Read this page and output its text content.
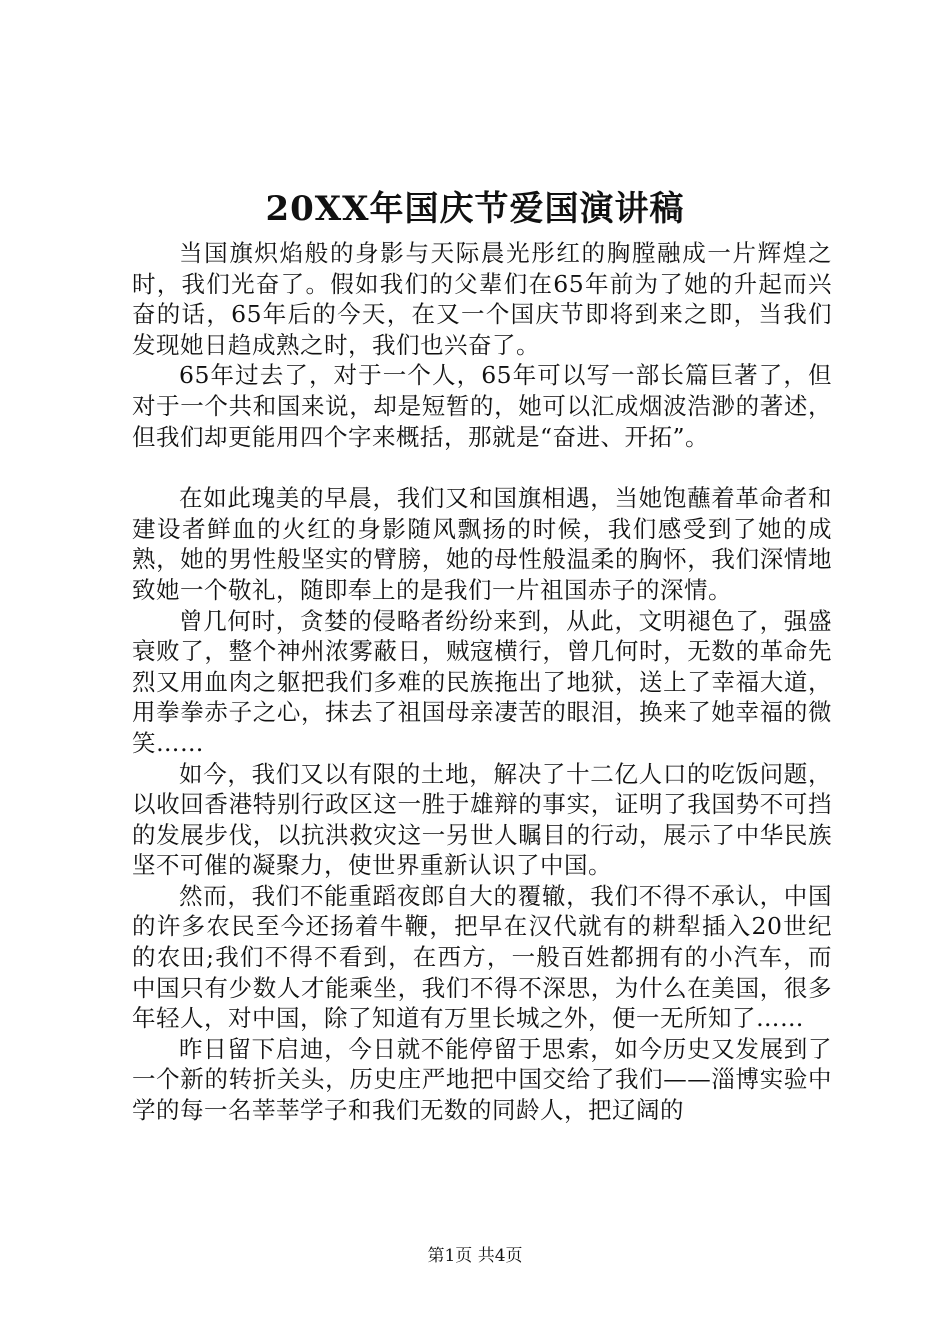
20XX年国庆节爱国演讲稿

当国旗炽焰般的身影与天际晨光彤红的胸膛融成一片辉煌之时，我们光奋了。假如我们的父辈们在65年前为了她的升起而兴奋的话，65年后的今天，在又一个国庆节即将到来之即，当我们发现她日趋成熟之时，我们也兴奋了。

65年过去了，对于一个人，65年可以写一部长篇巨著了，但对于一个共和国来说，却是短暂的，她可以汇成烟波浩渺的著述，但我们却更能用四个字来概括，那就是“奋进、开拓”。

在如此瑰美的早晨，我们又和国旗相遇，当她饱蘸着革命者和建设者鲜血的火红的身影随风飘扬的时候，我们感受到了她的成熟，她的男性般坚实的臂膀，她的母性般温柔的胸怀，我们深情地致她一个敬礼，随即奉上的是我们一片祖国赤子的深情。

曾几何时，贪婪的侵略者纷纷来到，从此，文明褪色了，强盛衰败了，整个神州浓雾蔽日，贼寇横行，曾几何时，无数的革命先烈又用血肉之躯把我们多难的民族拖出了地狱，送上了幸福大道，用拳拳赤子之心，抹去了祖国母亲凄苦的眼泪，换来了她幸福的微笑……

如今，我们又以有限的土地，解决了十二亿人口的吃饭问题，以收回香港特别行政区这一胜于雄辩的事实，证明了我国势不可挡的发展步伐，以抗洪救灾这一另世人瞩目的行动，展示了中华民族坚不可催的凝聚力，使世界重新认识了中国。

然而，我们不能重蹈夜郎自大的覆辙，我们不得不承认，中国的许多农民至今还扬着牛鞭，把早在汉代就有的耕犁插入20世纪的农田;我们不得不看到，在西方，一般百姓都拥有的小汽车，而中国只有少数人才能乘坐，我们不得不深思，为什么在美国，很多年轻人，对中国，除了知道有万里长城之外，便一无所知了……

昨日留下启迪，今日就不能停留于思索，如今历史又发展到了一个新的转折关头，历史庄严地把中国交给了我们——淄博实验中学的每一名莘莘学子和我们无数的同龄人，把辽阔的

第1页 共4页
